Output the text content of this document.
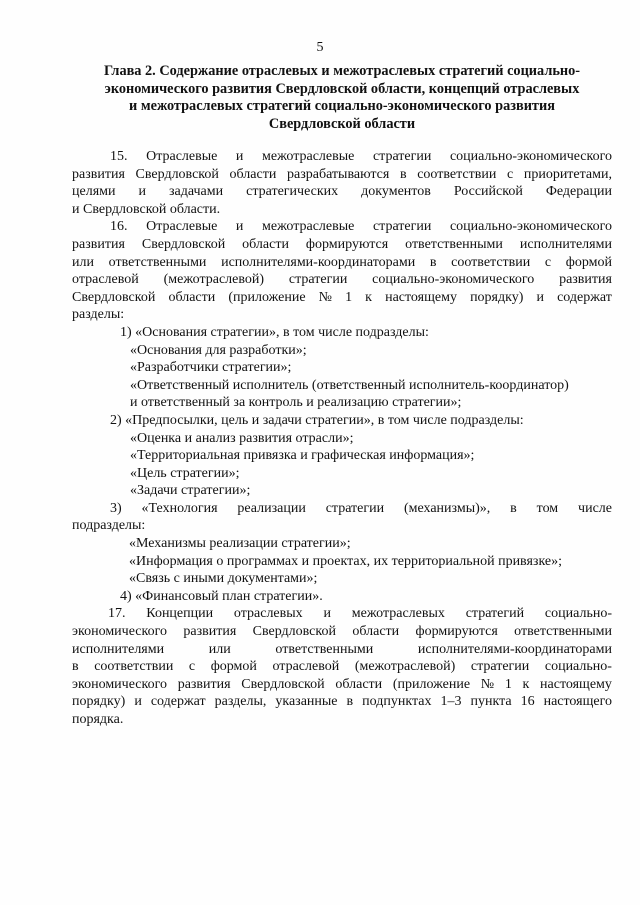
5
Глава 2. Содержание отраслевых и межотраслевых стратегий социально-
экономического развития Свердловской области, концепций отраслевых
и межотраслевых стратегий социально-экономического развития
Свердловской области
15. Отраслевые и межотраслевые стратегии социально-экономического
развития Свердловской области разрабатываются в соответствии с приоритетами,
целями и задачами стратегических документов Российской Федерации
и Свердловской области.
16. Отраслевые и межотраслевые стратегии социально-экономического
развития Свердловской области формируются ответственными исполнителями
или ответственными исполнителями-координаторами в соответствии с формой
отраслевой (межотраслевой) стратегии социально-экономического развития
Свердловской области (приложение № 1 к настоящему порядку) и содержат
разделы:
1) «Основания стратегии», в том числе подразделы:
«Основания для разработки»;
«Разработчики стратегии»;
«Ответственный исполнитель (ответственный исполнитель-координатор)
и ответственный за контроль и реализацию стратегии»;
2) «Предпосылки, цель и задачи стратегии», в том числе подразделы:
«Оценка и анализ развития отрасли»;
«Территориальная привязка и графическая информация»;
«Цель стратегии»;
«Задачи стратегии»;
3) «Технология реализации стратегии (механизмы)», в том числе
подразделы:
«Механизмы реализации стратегии»;
«Информация о программах и проектах, их территориальной привязке»;
«Связь с иными документами»;
4) «Финансовый план стратегии».
17. Концепции отраслевых и межотраслевых стратегий социально-
экономического развития Свердловской области формируются ответственными
исполнителями	или	ответственными	исполнителями-координаторами
в соответствии с формой отраслевой (межотраслевой) стратегии социально-
экономического развития Свердловской области (приложение № 1 к настоящему
порядку) и содержат разделы, указанные в подпунктах 1–3 пункта 16 настоящего
порядка.
